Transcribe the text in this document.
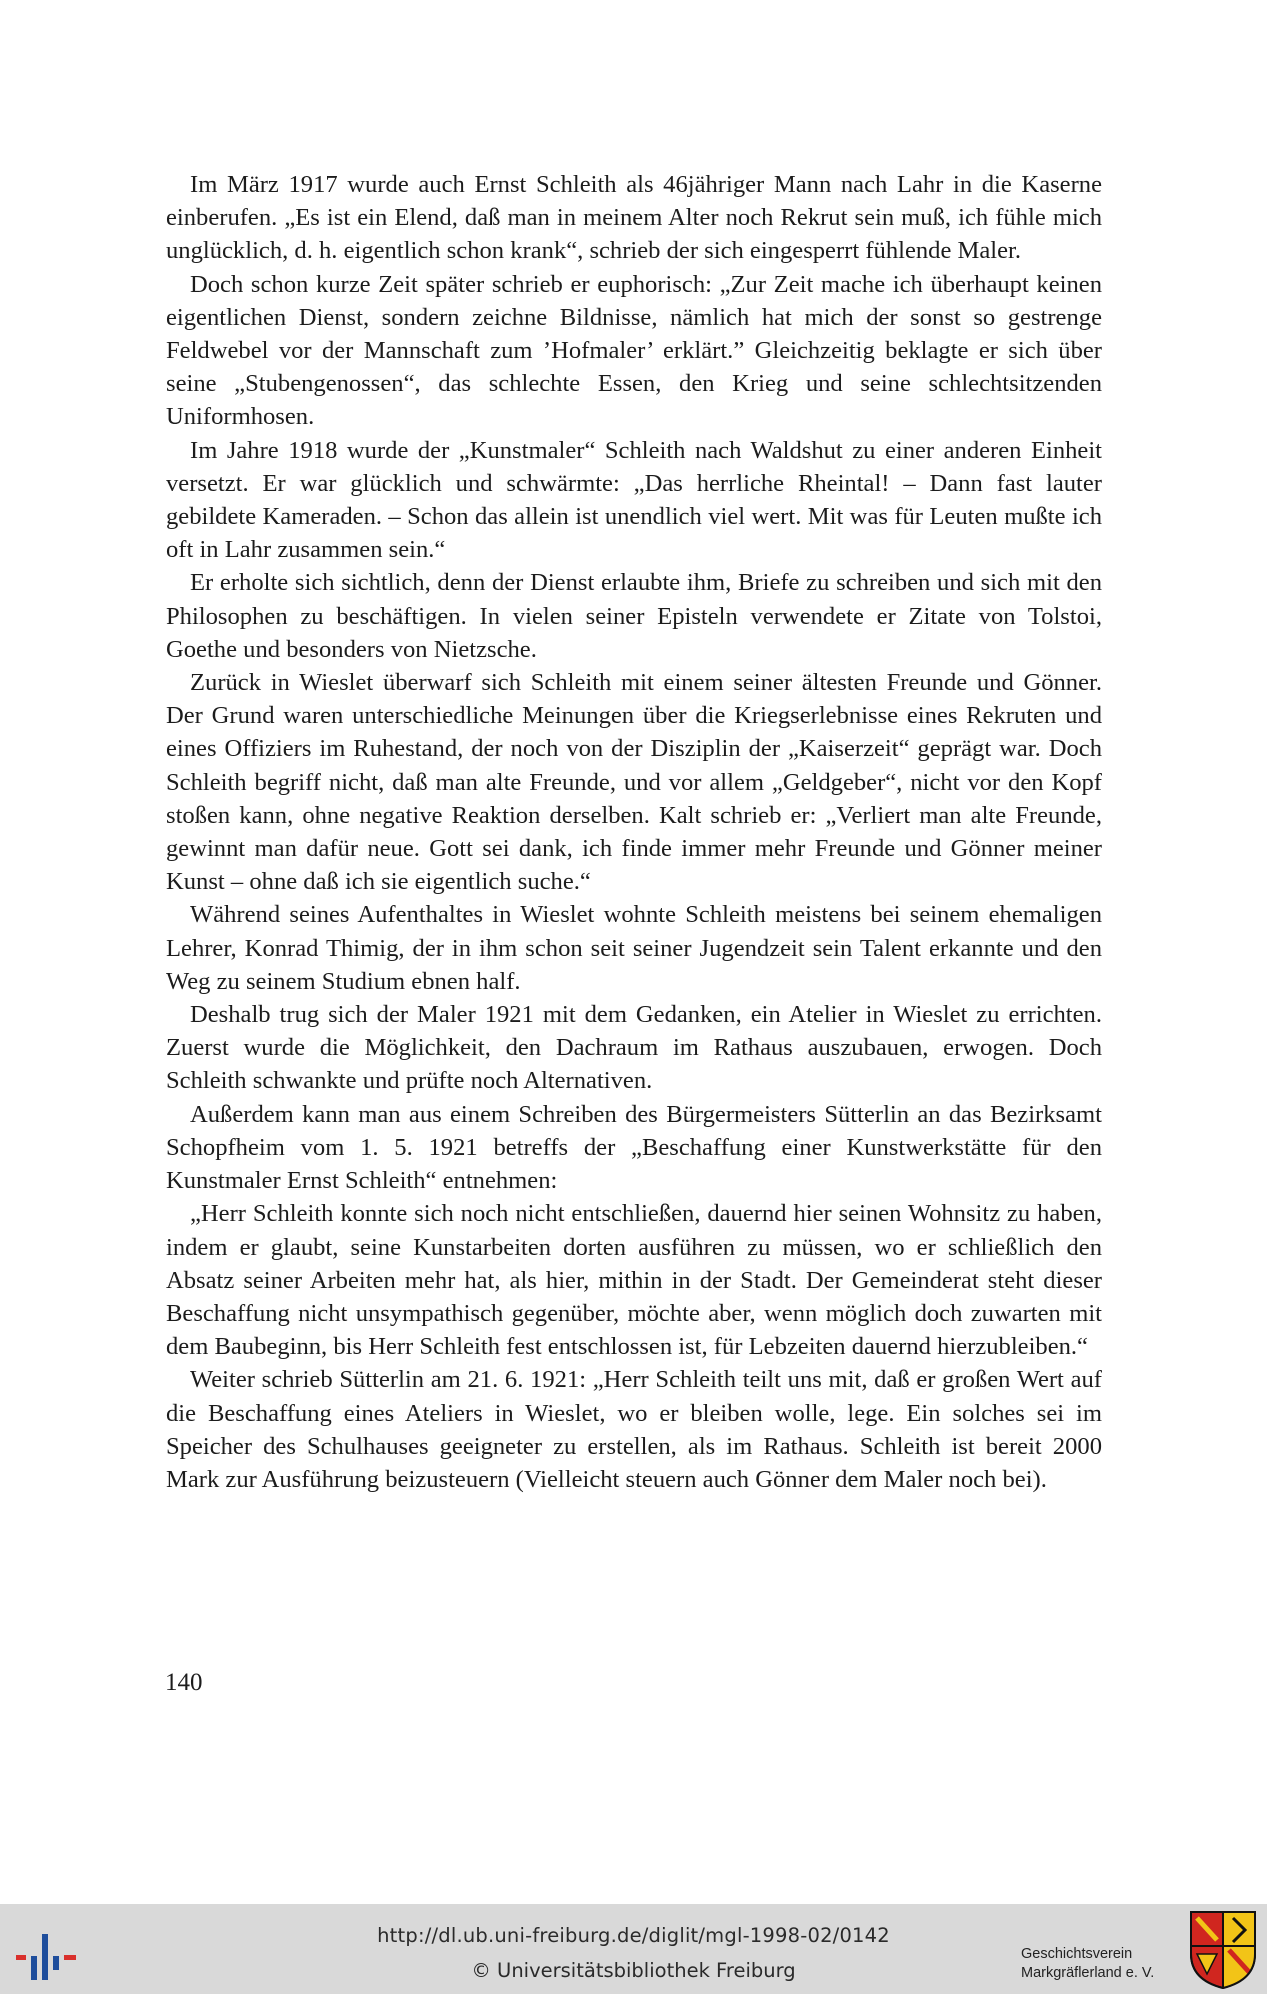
Im März 1917 wurde auch Ernst Schleith als 46jähriger Mann nach Lahr in die Kaserne einberufen. „Es ist ein Elend, daß man in meinem Alter noch Rekrut sein muß, ich fühle mich unglücklich, d. h. eigentlich schon krank“, schrieb der sich eingesperrt fühlende Maler.

Doch schon kurze Zeit später schrieb er euphorisch: „Zur Zeit mache ich überhaupt keinen eigentlichen Dienst, sondern zeichne Bildnisse, nämlich hat mich der sonst so gestrenge Feldwebel vor der Mannschaft zum ’Hofmaler’ erklärt.” Gleichzeitig beklagte er sich über seine „Stubengenossen“, das schlechte Essen, den Krieg und seine schlechtsitzenden Uniformhosen.

Im Jahre 1918 wurde der „Kunstmaler“ Schleith nach Waldshut zu einer anderen Einheit versetzt. Er war glücklich und schwärmte: „Das herrliche Rheintal! – Dann fast lauter gebildete Kameraden. – Schon das allein ist unendlich viel wert. Mit was für Leuten mußte ich oft in Lahr zusammen sein.“

Er erholte sich sichtlich, denn der Dienst erlaubte ihm, Briefe zu schreiben und sich mit den Philosophen zu beschäftigen. In vielen seiner Episteln verwendete er Zitate von Tolstoi, Goethe und besonders von Nietzsche.

Zurück in Wieslet überwarf sich Schleith mit einem seiner ältesten Freunde und Gönner. Der Grund waren unterschiedliche Meinungen über die Kriegserlebnisse eines Rekruten und eines Offiziers im Ruhestand, der noch von der Disziplin der „Kaiserzeit“ geprägt war. Doch Schleith begriff nicht, daß man alte Freunde, und vor allem „Geldgeber“, nicht vor den Kopf stoßen kann, ohne negative Reaktion derselben. Kalt schrieb er: „Verliert man alte Freunde, gewinnt man dafür neue. Gott sei dank, ich finde immer mehr Freunde und Gönner meiner Kunst – ohne daß ich sie eigentlich suche.“

Während seines Aufenthaltes in Wieslet wohnte Schleith meistens bei seinem ehemaligen Lehrer, Konrad Thimig, der in ihm schon seit seiner Jugendzeit sein Talent erkannte und den Weg zu seinem Studium ebnen half.

Deshalb trug sich der Maler 1921 mit dem Gedanken, ein Atelier in Wieslet zu errichten. Zuerst wurde die Möglichkeit, den Dachraum im Rathaus auszubauen, erwogen. Doch Schleith schwankte und prüfte noch Alternativen.

Außerdem kann man aus einem Schreiben des Bürgermeisters Sütterlin an das Bezirksamt Schopfheim vom 1. 5. 1921 betreffs der „Beschaffung einer Kunstwerkstätte für den Kunstmaler Ernst Schleith“ entnehmen:

„Herr Schleith konnte sich noch nicht entschließen, dauernd hier seinen Wohnsitz zu haben, indem er glaubt, seine Kunstarbeiten dorten ausführen zu müssen, wo er schließlich den Absatz seiner Arbeiten mehr hat, als hier, mithin in der Stadt. Der Gemeinderat steht dieser Beschaffung nicht unsympathisch gegenüber, möchte aber, wenn möglich doch zuwarten mit dem Baubeginn, bis Herr Schleith fest entschlossen ist, für Lebzeiten dauernd hierzubleiben.“

Weiter schrieb Sütterlin am 21. 6. 1921: „Herr Schleith teilt uns mit, daß er großen Wert auf die Beschaffung eines Ateliers in Wieslet, wo er bleiben wolle, lege. Ein solches sei im Speicher des Schulhauses geeigneter zu erstellen, als im Rathaus. Schleith ist bereit 2000 Mark zur Ausführung beizusteuern (Vielleicht steuern auch Gönner dem Maler noch bei).

140
http://dl.ub.uni-freiburg.de/diglit/mgl-1998-02/0142
© Universitätsbibliothek Freiburg
Geschichtsverein
Markgräflerland e. V.
